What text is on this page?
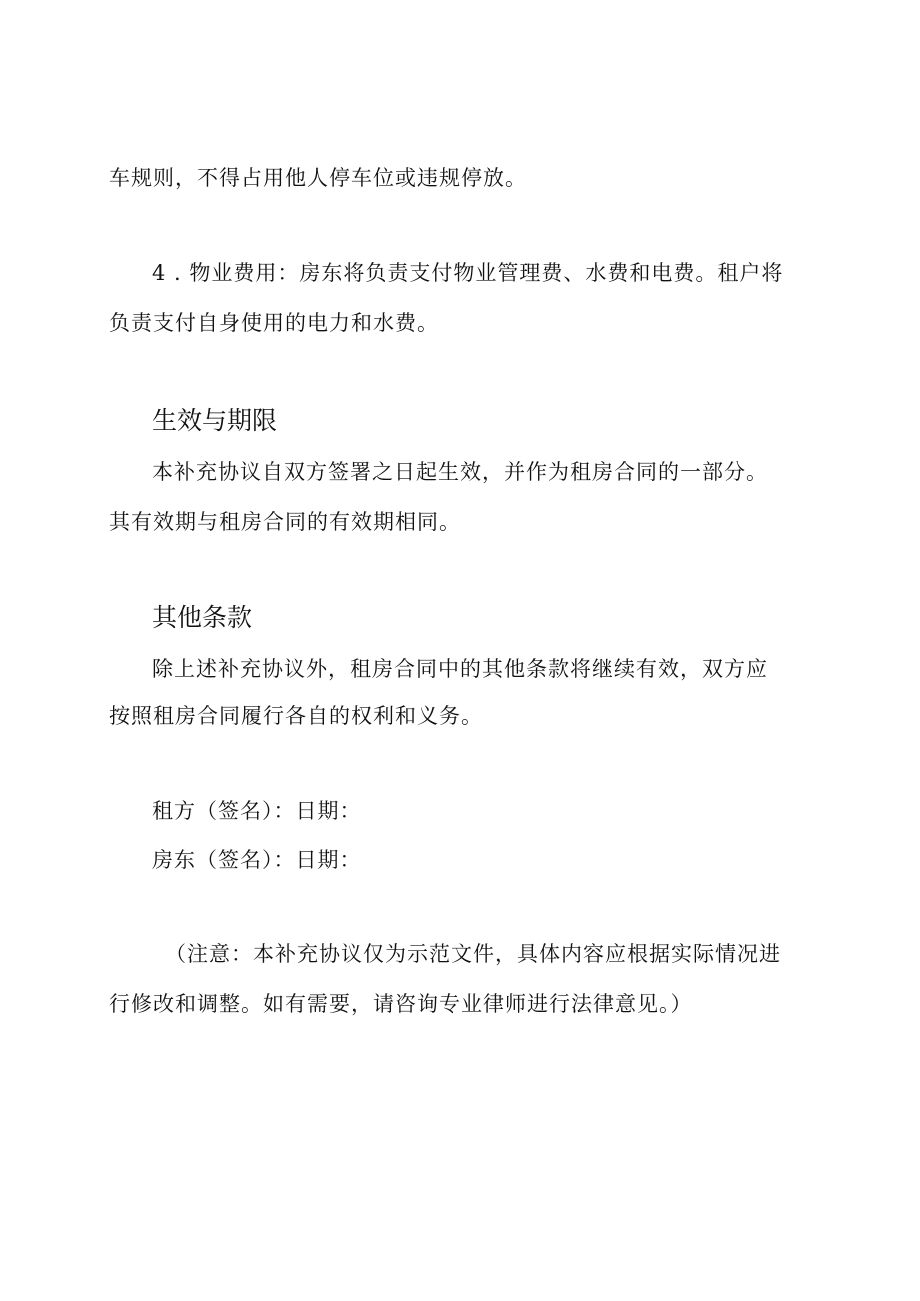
车规则，不得占用他人停车位或违规停放。
4 . 物业费用：房东将负责支付物业管理费、水费和电费。租户将
负责支付自身使用的电力和水费。
生效与期限
本补充协议自双方签署之日起生效，并作为租房合同的一部分。
其有效期与租房合同的有效期相同。
其他条款
除上述补充协议外，租房合同中的其他条款将继续有效，双方应
按照租房合同履行各自的权利和义务。
租方（签名）：日期：
房东（签名）：日期：
（注意：本补充协议仅为示范文件，具体内容应根据实际情况进
行修改和调整。如有需要，请咨询专业律师进行法律意见。）
